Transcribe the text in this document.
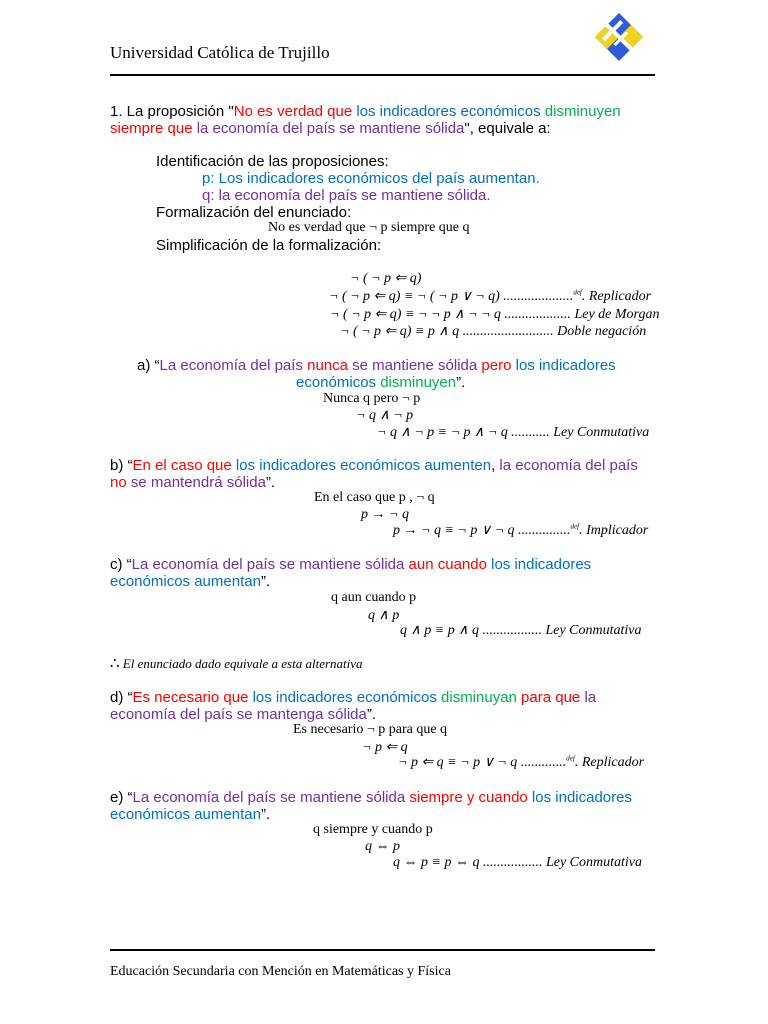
Universidad Católica de Trujillo
1. La proposición "No es verdad que los indicadores económicos disminuyen
siempre que la economía del país se mantiene sólida", equivale a:
Identificación de las proposiciones:
p: Los indicadores económicos del país aumentan.
q: la economía del país se mantiene sólida.
Formalización del enunciado:
No es verdad que ¬ p siempre que q
Simplificación de la formalización:
¬ ( ¬ p ⇐ q)
¬ ( ¬ p ⇐ q) ≡ ¬ ( ¬ p ∨ ¬ q) ....................$^{def}$. Replicador
¬ ( ¬ p ⇐ q) ≡ ¬ ¬ p ∧ ¬ ¬ q ................... Ley de Morgan
¬ ( ¬ p ⇐ q) ≡ p ∧ q .......................... Doble negación
a) “La economía del país nunca se mantiene sólida pero los indicadores
económicos disminuyen”.
Nunca q pero ¬ p
¬ q ∧ ¬ p
¬ q ∧ ¬ p ≡ ¬ p ∧ ¬ q ........... Ley Conmutativa
b) “En el caso que los indicadores económicos aumenten, la economía del país
no se mantendrá sólida”.
En el caso que p , ¬ q
p → ¬ q
p → ¬ q ≡ ¬ p ∨ ¬ q ...............$^{def}$. Implicador
c) “La economía del país se mantiene sólida aun cuando los indicadores
económicos aumentan”.
q aun cuando p
q ∧ p
q ∧ p ≡ p ∧ q ................. Ley Conmutativa
∴ El enunciado dado equivale a esta alternativa
d) “Es necesario que los indicadores económicos disminuyan para que la
economía del país se mantenga sólida”.
Es necesario ¬ p para que q
¬ p ⇐ q
¬ p ⇐ q ≡ ¬ p ∨ ¬ q .............$^{def}$. Replicador
e) “La economía del país se mantiene sólida siempre y cuando los indicadores
económicos aumentan”.
q siempre y cuando p
q ⇔ p
q ⇔ p ≡ p ⇔ q ................. Ley Conmutativa
Educación Secundaria con Mención en Matemáticas y Física
